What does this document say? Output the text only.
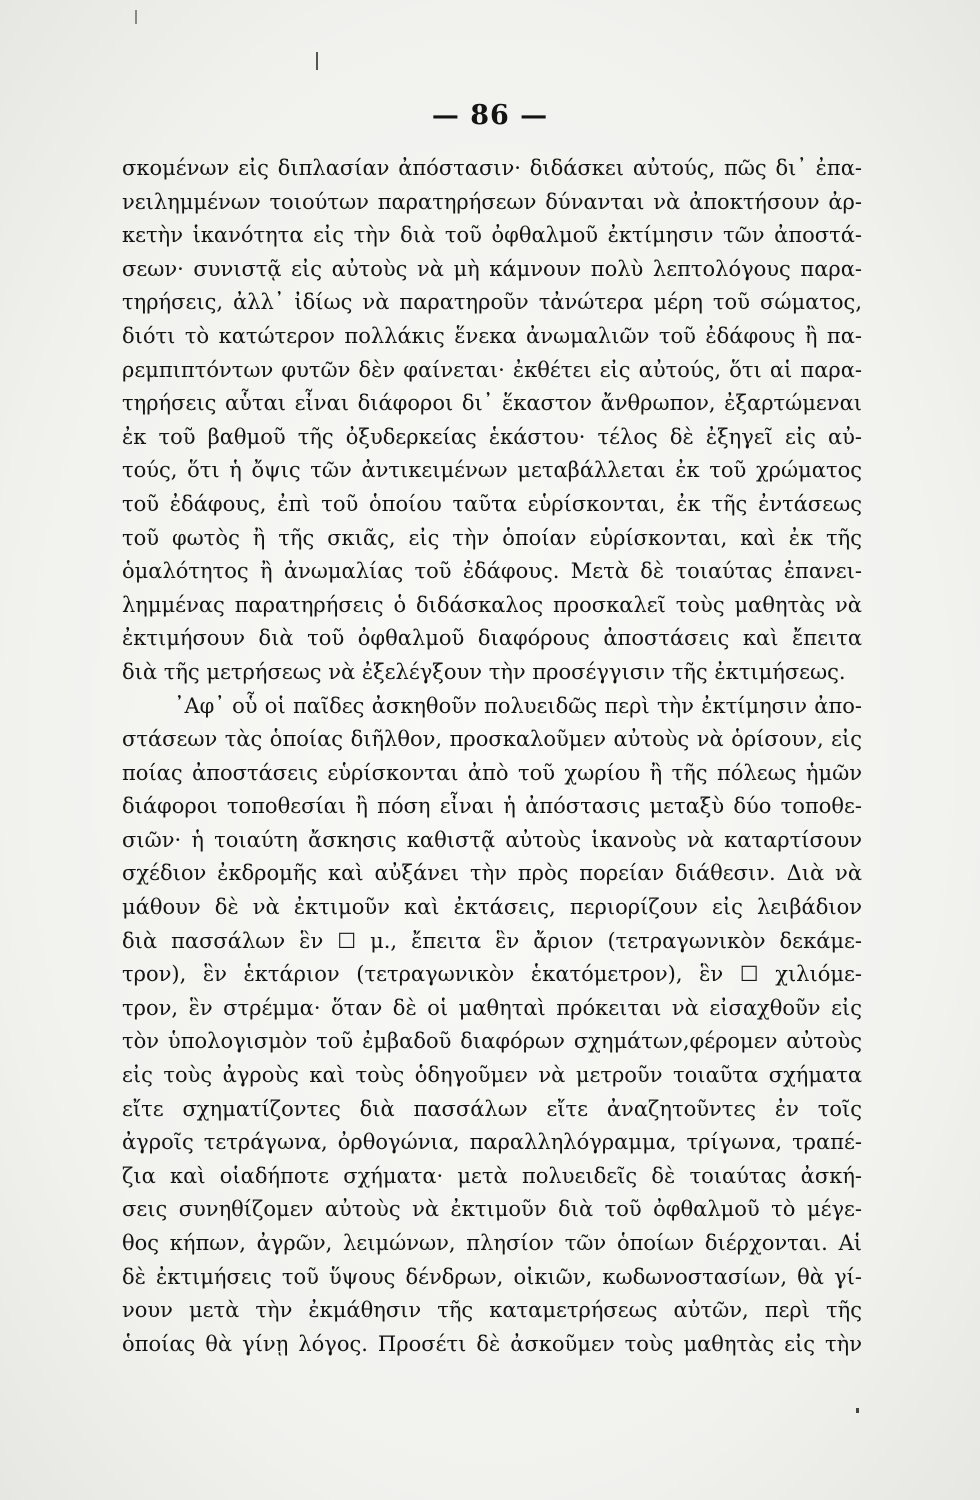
— 86 —
σκομένων εἰς διπλασίαν ἀπόστασιν· διδάσκει αὐτούς, πῶς δι᾽ ἐπα-
νειλημμένων τοιούτων παρατηρήσεων δύνανται νὰ ἀποκτήσουν ἀρ-
κετὴν ἱκανότητα εἰς τὴν διὰ τοῦ ὀφθαλμοῦ ἐκτίμησιν τῶν ἀποστά-
σεων· συνιστᾷ εἰς αὐτοὺς νὰ μὴ κάμνουν πολὺ λεπτολόγους παρα-
τηρήσεις, ἀλλ᾽ ἰδίως νὰ παρατηροῦν τἀνώτερα μέρη τοῦ σώματος,
διότι τὸ κατώτερον πολλάκις ἕνεκα ἀνωμαλιῶν τοῦ ἐδάφους ἢ πα-
ρεμπιπτόντων φυτῶν δὲν φαίνεται· ἐκθέτει εἰς αὐτούς, ὅτι αἱ παρα-
τηρήσεις αὗται εἶναι διάφοροι δι᾽ ἕκαστον ἄνθρωπον, ἐξαρτώμεναι
ἐκ τοῦ βαθμοῦ τῆς ὀξυδερκείας ἑκάστου· τέλος δὲ ἐξηγεῖ εἰς αὐ-
τούς, ὅτι ἡ ὄψις τῶν ἀντικειμένων μεταβάλλεται ἐκ τοῦ χρώματος
τοῦ ἐδάφους, ἐπὶ τοῦ ὁποίου ταῦτα εὑρίσκονται, ἐκ τῆς ἐντάσεως
τοῦ φωτὸς ἢ τῆς σκιᾶς, εἰς τὴν ὁποίαν εὑρίσκονται, καὶ ἐκ τῆς
ὁμαλότητος ἢ ἀνωμαλίας τοῦ ἐδάφους. Μετὰ δὲ τοιαύτας ἐπανει-
λημμένας παρατηρήσεις ὁ διδάσκαλος προσκαλεῖ τοὺς μαθητὰς νὰ
ἐκτιμήσουν διὰ τοῦ ὀφθαλμοῦ διαφόρους ἀποστάσεις καὶ ἔπειτα
διὰ τῆς μετρήσεως νὰ ἐξελέγξουν τὴν προσέγγισιν τῆς ἐκτιμήσεως.
᾽Αφ᾽ οὗ οἱ παῖδες ἀσκηθοῦν πολυειδῶς περὶ τὴν ἐκτίμησιν ἀπο-
στάσεων τὰς ὁποίας διῆλθον, προσκαλοῦμεν αὐτοὺς νὰ ὁρίσουν, εἰς
ποίας ἀποστάσεις εὑρίσκονται ἀπὸ τοῦ χωρίου ἢ τῆς πόλεως ἡμῶν
διάφοροι τοποθεσίαι ἢ πόση εἶναι ἡ ἀπόστασις μεταξὺ δύο τοποθε-
σιῶν· ἡ τοιαύτη ἄσκησις καθιστᾷ αὐτοὺς ἱκανοὺς νὰ καταρτίσουν
σχέδιον ἐκδρομῆς καὶ αὐξάνει τὴν πρὸς πορείαν διάθεσιν. Διὰ νὰ
μάθουν δὲ νὰ ἐκτιμοῦν καὶ ἐκτάσεις, περιορίζουν εἰς λειβάδιον
διὰ πασσάλων ἓν ☐ μ., ἔπειτα ἓν ἄριον (τετραγωνικὸν δεκάμε-
τρον), ἓν ἑκτάριον (τετραγωνικὸν ἑκατόμετρον), ἓν ☐ χιλιόμε-
τρον, ἓν στρέμμα· ὅταν δὲ οἱ μαθηταὶ πρόκειται νὰ εἰσαχθοῦν εἰς
τὸν ὑπολογισμὸν τοῦ ἐμβαδοῦ διαφόρων σχημάτων,φέρομεν αὐτοὺς
εἰς τοὺς ἀγροὺς καὶ τοὺς ὁδηγοῦμεν νὰ μετροῦν τοιαῦτα σχήματα
εἴτε σχηματίζοντες διὰ πασσάλων εἴτε ἀναζητοῦντες ἐν τοῖς
ἀγροῖς τετράγωνα, ὀρθογώνια, παραλληλόγραμμα, τρίγωνα, τραπέ-
ζια καὶ οἱαδήποτε σχήματα· μετὰ πολυειδεῖς δὲ τοιαύτας ἀσκή-
σεις συνηθίζομεν αὐτοὺς νὰ ἐκτιμοῦν διὰ τοῦ ὀφθαλμοῦ τὸ μέγε-
θος κήπων, ἀγρῶν, λειμώνων, πλησίον τῶν ὁποίων διέρχονται. Αἱ
δὲ ἐκτιμήσεις τοῦ ὕψους δένδρων, οἰκιῶν, κωδωνοστασίων, θὰ γί-
νουν μετὰ τὴν ἐκμάθησιν τῆς καταμετρήσεως αὐτῶν, περὶ τῆς
ὁποίας θὰ γίνῃ λόγος. Προσέτι δὲ ἀσκοῦμεν τοὺς μαθητὰς εἰς τὴν
